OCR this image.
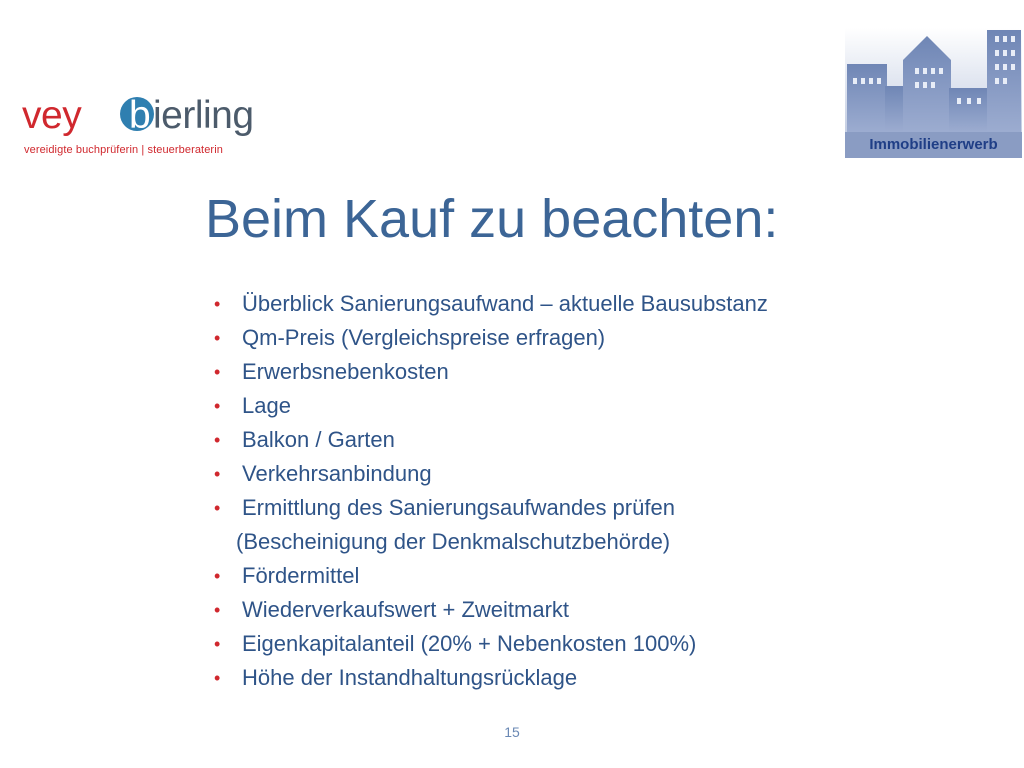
vey b ierling
vereidigte buchprüferin | steuerberaterin	Immobilienerwerb
Beim Kauf zu beachten:
• Überblick Sanierungsaufwand – aktuelle Bausubstanz
• Qm-Preis (Vergleichspreise erfragen)
• Erwerbsnebenkosten
• Lage
• Balkon / Garten
• Verkehrsanbindung
• Ermittlung des Sanierungsaufwandes prüfen
(Bescheinigung der Denkmalschutzbehörde)
• Fördermittel
• Wiederverkaufswert + Zweitmarkt
• Eigenkapitalanteil (20% + Nebenkosten 100%)
• Höhe der Instandhaltungsrücklage
15
